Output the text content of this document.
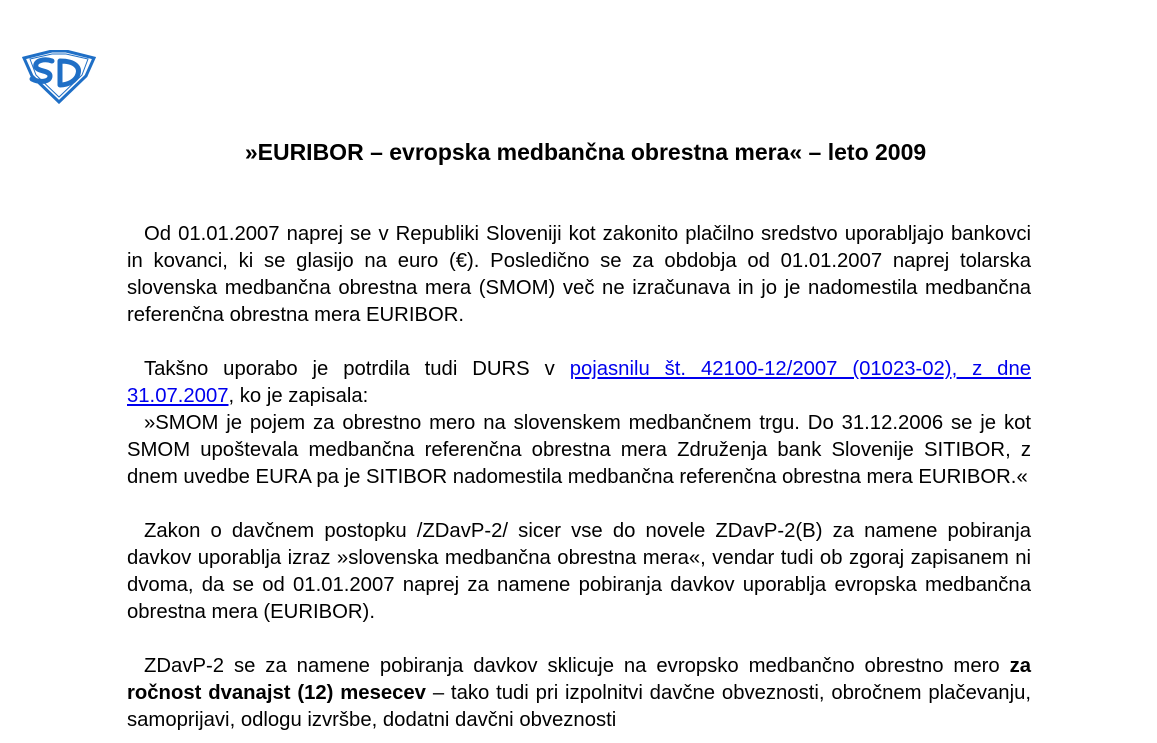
»EURIBOR – evropska medbančna obrestna mera« – leto 2009

Od 01.01.2007 naprej se v Republiki Sloveniji kot zakonito plačilno sredstvo uporabljajo bankovci in kovanci, ki se glasijo na euro (€). Posledično se za obdobja od 01.01.2007 naprej tolarska slovenska medbančna obrestna mera (SMOM) več ne izračunava in jo je nadomestila medbančna referenčna obrestna mera EURIBOR.

Takšno uporabo je potrdila tudi DURS v pojasnilu št. 42100-12/2007 (01023-02), z dne 31.07.2007, ko je zapisala:

»SMOM je pojem za obrestno mero na slovenskem medbančnem trgu. Do 31.12.2006 se je kot SMOM upoštevala medbančna referenčna obrestna mera Združenja bank Slovenije SITIBOR, z dnem uvedbe EURA pa je SITIBOR nadomestila medbančna referenčna obrestna mera EURIBOR.«

Zakon o davčnem postopku /ZDavP-2/ sicer vse do novele ZDavP-2(B) za namene pobiranja davkov uporablja izraz »slovenska medbančna obrestna mera«, vendar tudi ob zgoraj zapisanem ni dvoma, da se od 01.01.2007 naprej za namene pobiranja davkov uporablja evropska medbančna obrestna mera (EURIBOR).

ZDavP-2 se za namene pobiranja davkov sklicuje na evropsko medbančno obrestno mero za ročnost dvanajst (12) mesecev – tako tudi pri izpolnitvi davčne obveznosti, obročnem plačevanju, samoprijavi, odlogu izvršbe, dodatni davčni obveznosti
